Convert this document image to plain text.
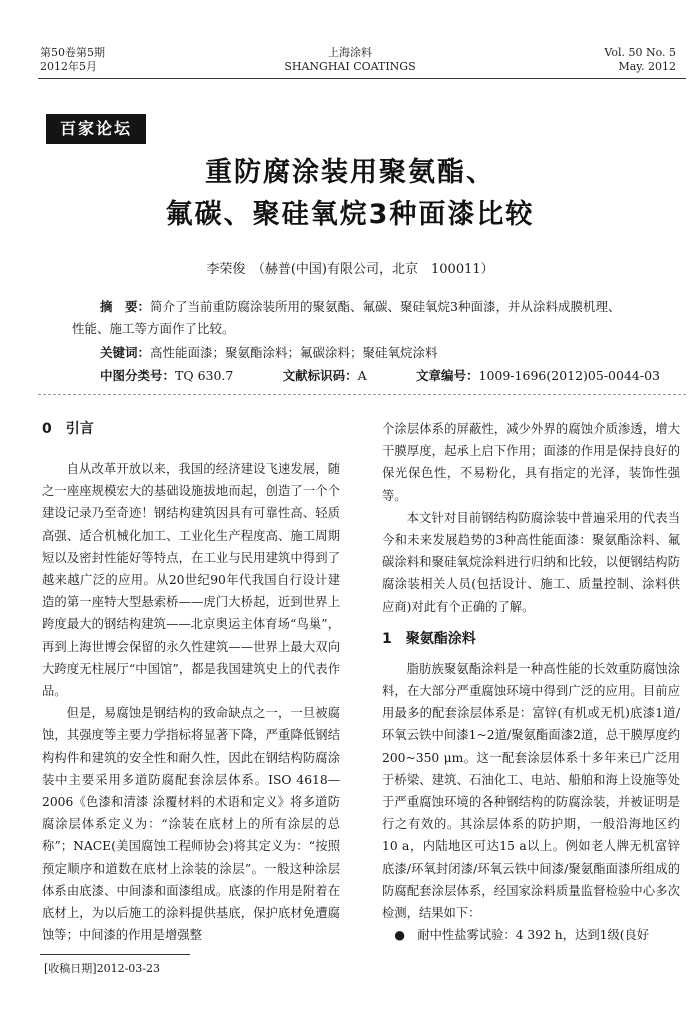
第50卷第5期
2012年5月
上海涂料
SHANGHAI COATINGS
Vol. 50 No. 5
May. 2012
百家论坛
重防腐涂装用聚氨酯、
氟碳、聚硅氧烷3种面漆比较
李荣俊　（赫普(中国)有限公司，北京　100011）
摘　要：简介了当前重防腐涂装所用的聚氨酯、氟碳、聚硅氧烷3种面漆，并从涂料成膜机理、
性能、施工等方面作了比较。
关键词：高性能面漆；聚氨酯涂料；氟碳涂料；聚硅氧烷涂料
中图分类号：TQ 630.7	文献标识码：A	文章编号：1009-1696(2012)05-0044-03
0　引言

自从改革开放以来，我国的经济建设飞速发展，随之一座座规模宏大的基础设施拔地而起，创造了一个个建设记录乃至奇迹！钢结构建筑因具有可靠性高、轻质高强、适合机械化加工、工业化生产程度高、施工周期短以及密封性能好等特点，在工业与民用建筑中得到了越来越广泛的应用。从20世纪90年代我国自行设计建造的第一座特大型悬索桥——虎门大桥起，近到世界上跨度最大的钢结构建筑——北京奥运主体育场“鸟巢”，再到上海世博会保留的永久性建筑——世界上最大双向大跨度无柱展厅“中国馆”，都是我国建筑史上的代表作品。

但是，易腐蚀是钢结构的致命缺点之一，一旦被腐蚀，其强度等主要力学指标将显著下降，严重降低钢结构构件和建筑的安全性和耐久性，因此在钢结构防腐涂装中主要采用多道防腐配套涂层体系。ISO 4618—2006《色漆和清漆 涂覆材料的术语和定义》将多道防腐涂层体系定义为：“涂装在底材上的所有涂层的总称”；NACE(美国腐蚀工程师协会)将其定义为：“按照预定顺序和道数在底材上涂装的涂层”。一般这种涂层体系由底漆、中间漆和面漆组成。底漆的作用是附着在底材上，为以后施工的涂料提供基底，保护底材免遭腐蚀等；中间漆的作用是增强整

个涂层体系的屏蔽性，减少外界的腐蚀介质渗透，增大干膜厚度，起承上启下作用；面漆的作用是保持良好的保光保色性，不易粉化，具有指定的光泽，装饰性强等。

本文针对目前钢结构防腐涂装中普遍采用的代表当今和未来发展趋势的3种高性能面漆：聚氨酯涂料、氟碳涂料和聚硅氧烷涂料进行归纳和比较，以便钢结构防腐涂装相关人员(包括设计、施工、质量控制、涂料供应商)对此有个正确的了解。

1　聚氨酯涂料

脂肪族聚氨酯涂料是一种高性能的长效重防腐蚀涂料，在大部分严重腐蚀环境中得到广泛的应用。目前应用最多的配套涂层体系是：富锌(有机或无机)底漆1道/环氧云铁中间漆1~2道/聚氨酯面漆2道，总干膜厚度约200~350 μm。这一配套涂层体系十多年来已广泛用于桥梁、建筑、石油化工、电站、船舶和海上设施等处于严重腐蚀环境的各种钢结构的防腐涂装，并被证明是行之有效的。其涂层体系的防护期，一般沿海地区约10 a，内陆地区可达15 a以上。例如老人牌无机富锌底漆/环氧封闭漆/环氧云铁中间漆/聚氨酯面漆所组成的防腐配套涂层体系，经国家涂料质量监督检验中心多次检测，结果如下：

●　耐中性盐雾试验：4 392 h，达到1级(良好

[收稿日期]2012-03-23
